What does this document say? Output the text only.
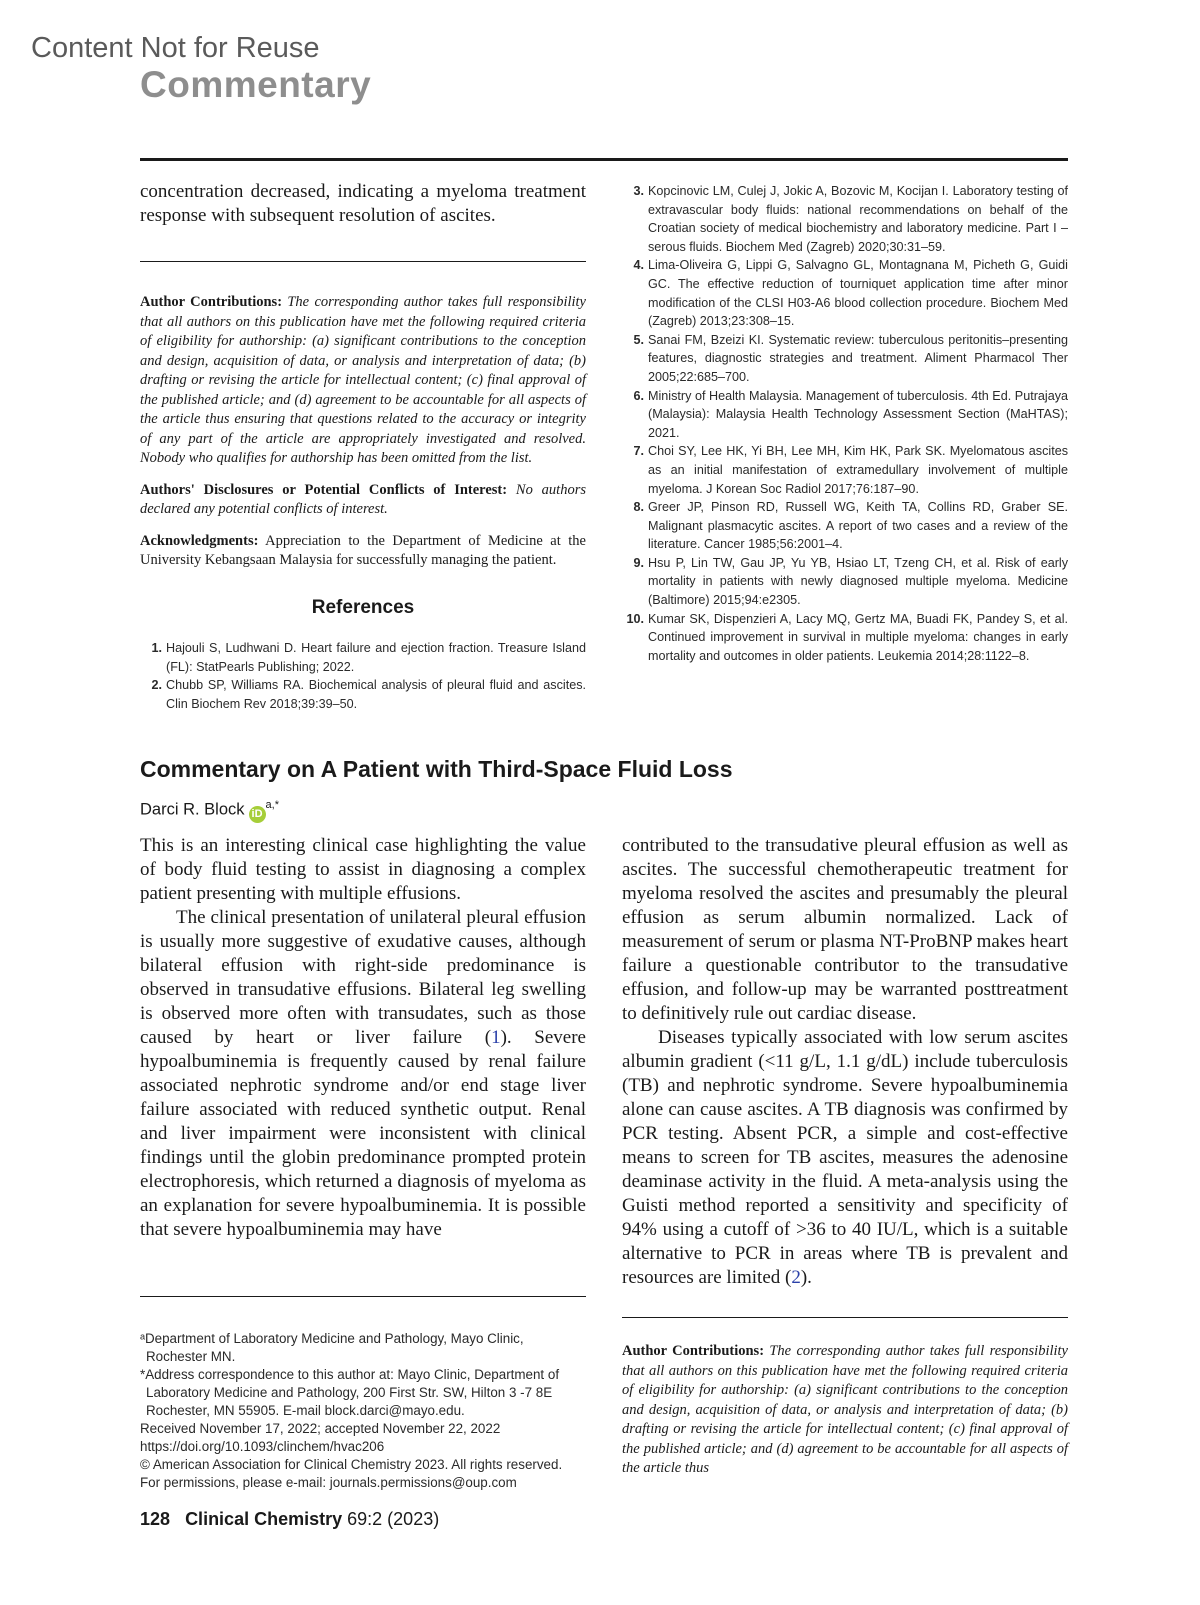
Content Not for Reuse
Commentary
concentration decreased, indicating a myeloma treatment response with subsequent resolution of ascites.

Author Contributions: The corresponding author takes full responsibility that all authors on this publication have met the following required criteria of eligibility for authorship: (a) significant contributions to the conception and design, acquisition of data, or analysis and interpretation of data; (b) drafting or revising the article for intellectual content; (c) final approval of the published article; and (d) agreement to be accountable for all aspects of the article thus ensuring that questions related to the accuracy or integrity of any part of the article are appropriately investigated and resolved. Nobody who qualifies for authorship has been omitted from the list.

Authors' Disclosures or Potential Conflicts of Interest: No authors declared any potential conflicts of interest.

Acknowledgments: Appreciation to the Department of Medicine at the University Kebangsaan Malaysia for successfully managing the patient.

References
1. Hajouli S, Ludhwani D. Heart failure and ejection fraction. Treasure Island (FL): StatPearls Publishing; 2022.
2. Chubb SP, Williams RA. Biochemical analysis of pleural fluid and ascites. Clin Biochem Rev 2018;39:39–50.
3. Kopcinovic LM, Culej J, Jokic A, Bozovic M, Kocijan I. Laboratory testing of extravascular body fluids: national recommendations on behalf of the Croatian society of medical biochemistry and laboratory medicine. Part I – serous fluids. Biochem Med (Zagreb) 2020;30:31–59.
4. Lima-Oliveira G, Lippi G, Salvagno GL, Montagnana M, Picheth G, Guidi GC. The effective reduction of tourniquet application time after minor modification of the CLSI H03-A6 blood collection procedure. Biochem Med (Zagreb) 2013;23:308–15.
5. Sanai FM, Bzeizi KI. Systematic review: tuberculous peritonitis–presenting features, diagnostic strategies and treatment. Aliment Pharmacol Ther 2005;22:685–700.
6. Ministry of Health Malaysia. Management of tuberculosis. 4th Ed. Putrajaya (Malaysia): Malaysia Health Technology Assessment Section (MaHTAS); 2021.
7. Choi SY, Lee HK, Yi BH, Lee MH, Kim HK, Park SK. Myelomatous ascites as an initial manifestation of extramedullary involvement of multiple myeloma. J Korean Soc Radiol 2017;76:187–90.
8. Greer JP, Pinson RD, Russell WG, Keith TA, Collins RD, Graber SE. Malignant plasmacytic ascites. A report of two cases and a review of the literature. Cancer 1985;56:2001–4.
9. Hsu P, Lin TW, Gau JP, Yu YB, Hsiao LT, Tzeng CH, et al. Risk of early mortality in patients with newly diagnosed multiple myeloma. Medicine (Baltimore) 2015;94:e2305.
10. Kumar SK, Dispenzieri A, Lacy MQ, Gertz MA, Buadi FK, Pandey S, et al. Continued improvement in survival in multiple myeloma: changes in early mortality and outcomes in older patients. Leukemia 2014;28:1122–8.
Commentary on A Patient with Third-Space Fluid Loss
Darci R. Block iD$^{a,*}$

This is an interesting clinical case highlighting the value of body fluid testing to assist in diagnosing a complex patient presenting with multiple effusions.

The clinical presentation of unilateral pleural effusion is usually more suggestive of exudative causes, although bilateral effusion with right-side predominance is observed in transudative effusions. Bilateral leg swelling is observed more often with transudates, such as those caused by heart or liver failure (1). Severe hypoalbuminemia is frequently caused by renal failure associated nephrotic syndrome and/or end stage liver failure associated with reduced synthetic output. Renal and liver impairment were inconsistent with clinical findings until the globin predominance prompted protein electrophoresis, which returned a diagnosis of myeloma as an explanation for severe hypoalbuminemia. It is possible that severe hypoalbuminemia may have

contributed to the transudative pleural effusion as well as ascites. The successful chemotherapeutic treatment for myeloma resolved the ascites and presumably the pleural effusion as serum albumin normalized. Lack of measurement of serum or plasma NT-ProBNP makes heart failure a questionable contributor to the transudative effusion, and follow-up may be warranted posttreatment to definitively rule out cardiac disease.

Diseases typically associated with low serum ascites albumin gradient (<11 g/L, 1.1 g/dL) include tuberculosis (TB) and nephrotic syndrome. Severe hypoalbuminemia alone can cause ascites. A TB diagnosis was confirmed by PCR testing. Absent PCR, a simple and cost-effective means to screen for TB ascites, measures the adenosine deaminase activity in the fluid. A meta-analysis using the Guisti method reported a sensitivity and specificity of 94% using a cutoff of >36 to 40 IU/L, which is a suitable alternative to PCR in areas where TB is prevalent and resources are limited (2).

ᵃDepartment of Laboratory Medicine and Pathology, Mayo Clinic, Rochester MN.
*Address correspondence to this author at: Mayo Clinic, Department of Laboratory Medicine and Pathology, 200 First Str. SW, Hilton 3 -7 8E Rochester, MN 55905. E-mail block.darci@mayo.edu.
Received November 17, 2022; accepted November 22, 2022
https://doi.org/10.1093/clinchem/hvac206
© American Association for Clinical Chemistry 2023. All rights reserved.
For permissions, please e-mail: journals.permissions@oup.com
Author Contributions: The corresponding author takes full responsibility that all authors on this publication have met the following required criteria of eligibility for authorship: (a) significant contributions to the conception and design, acquisition of data, or analysis and interpretation of data; (b) drafting or revising the article for intellectual content; (c) final approval of the published article; and (d) agreement to be accountable for all aspects of the article thus
128 Clinical Chemistry 69:2 (2023)
